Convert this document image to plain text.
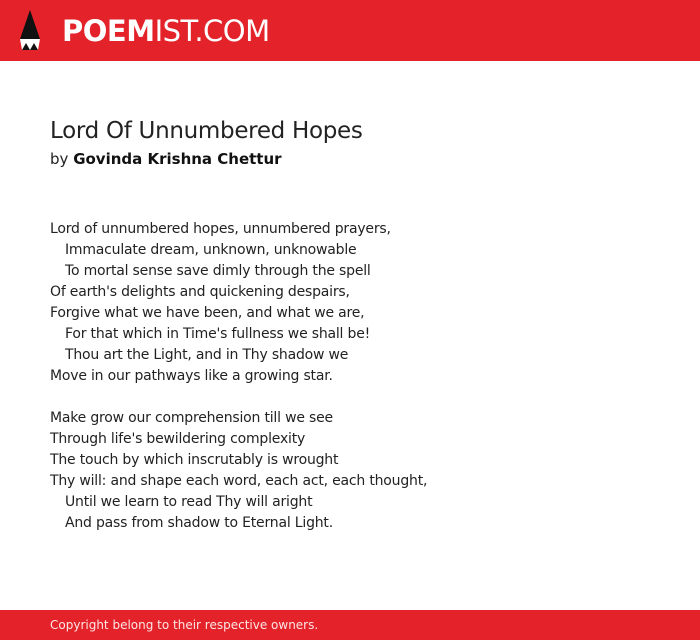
POEMIST.COM
Lord Of Unnumbered Hopes
by Govinda Krishna Chettur
Lord of unnumbered hopes, unnumbered prayers,
Immaculate dream, unknown, unknowable
To mortal sense save dimly through the spell
Of earth's delights and quickening despairs,
Forgive what we have been, and what we are,
For that which in Time's fullness we shall be!
Thou art the Light, and in Thy shadow we
Move in our pathways like a growing star.
Make grow our comprehension till we see
Through life's bewildering complexity
The touch by which inscrutably is wrought
Thy will: and shape each word, each act, each thought,
Until we learn to read Thy will aright
And pass from shadow to Eternal Light.
Copyright belong to their respective owners.
